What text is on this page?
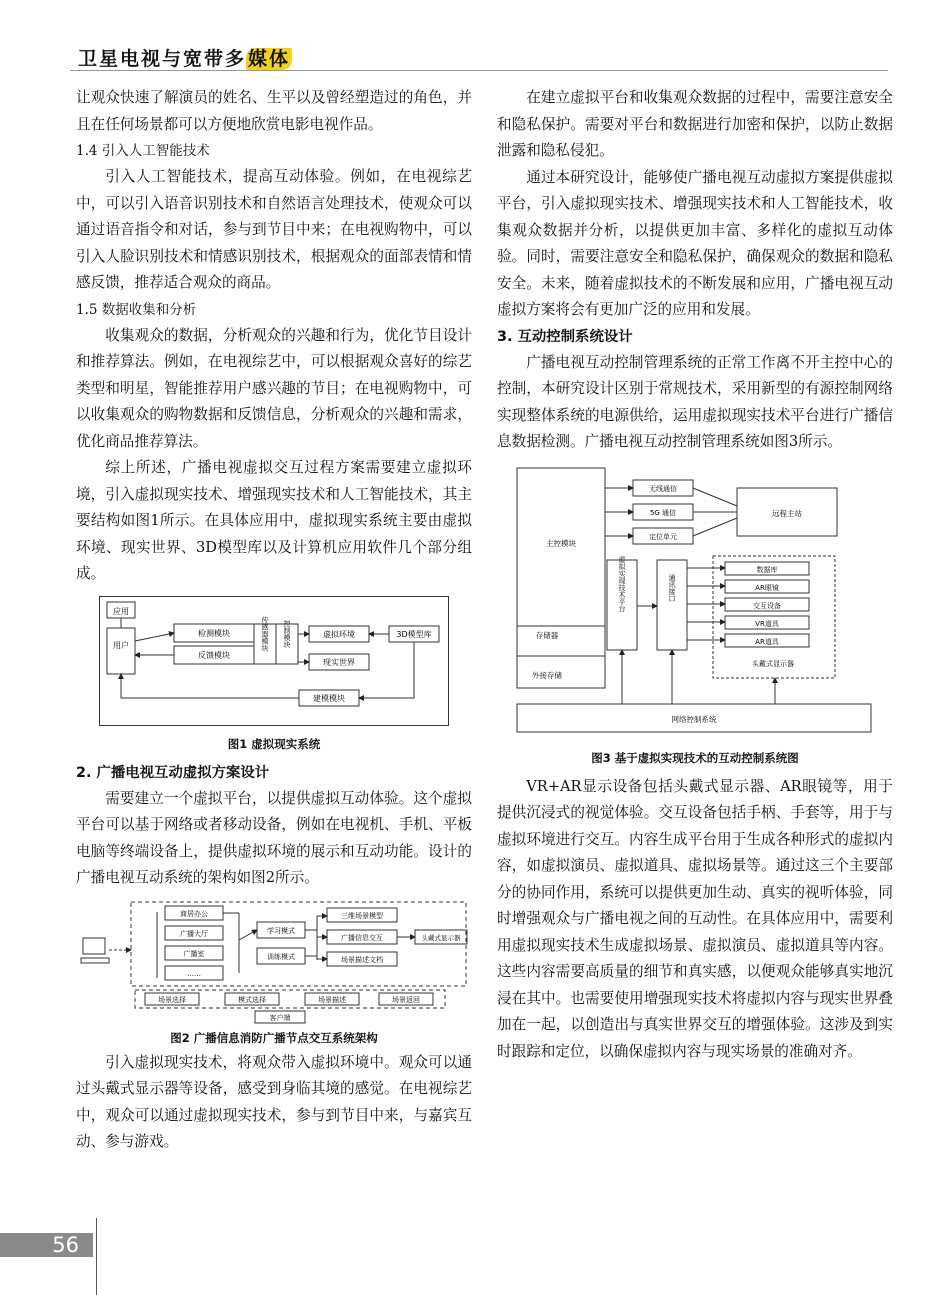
卫星电视与宽带多 媒体

让观众快速了解演员的姓名、生平以及曾经塑造过的角色，并且在任何场景都可以方便地欣赏电影电视作品。

1.4 引入人工智能技术

引入人工智能技术，提高互动体验。例如，在电视综艺中，可以引入语音识别技术和自然语言处理技术，使观众可以通过语音指令和对话，参与到节目中来；在电视购物中，可以引入人脸识别技术和情感识别技术，根据观众的面部表情和情感反馈，推荐适合观众的商品。

1.5 数据收集和分析

收集观众的数据，分析观众的兴趣和行为，优化节目设计和推荐算法。例如，在电视综艺中，可以根据观众喜好的综艺类型和明星，智能推荐用户感兴趣的节目；在电视购物中，可以收集观众的购物数据和反馈信息，分析观众的兴趣和需求，优化商品推荐算法。

综上所述，广播电视虚拟交互过程方案需要建立虚拟环境，引入虚拟现实技术、增强现实技术和人工智能技术，其主要结构如图1所示。在具体应用中，虚拟现实系统主要由虚拟环境、现实世界、3D模型库以及计算机应用软件几个部分组成。

应用
用户
检测模块
反馈模块
传感器模块 控制模块	虚拟环境	3D模型库
现实世界
建模模块

图1 虚拟现实系统

2. 广播电视互动虚拟方案设计

需要建立一个虚拟平台，以提供虚拟互动体验。这个虚拟平台可以基于网络或者移动设备，例如在电视机、手机、平板电脑等终端设备上，提供虚拟环境的展示和互动功能。设计的广播电视互动系统的架构如图2所示。

商居办公
广播大厅
广播室
……
学习模式
训练模式
三维场景模型
广播信息交互
场景描述文档
头戴式显示器
场景选择	模式选择	场景描述	场景返回
客户端

图2 广播信息消防广播节点交互系统架构

引入虚拟现实技术，将观众带入虚拟环境中。观众可以通过头戴式显示器等设备，感受到身临其境的感觉。在电视综艺中，观众可以通过虚拟现实技术，参与到节目中来，与嘉宾互动、参与游戏。

在建立虚拟平台和收集观众数据的过程中，需要注意安全和隐私保护。需要对平台和数据进行加密和保护，以防止数据泄露和隐私侵犯。

通过本研究设计，能够使广播电视互动虚拟方案提供虚拟平台，引入虚拟现实技术、增强现实技术和人工智能技术，收集观众数据并分析，以提供更加丰富、多样化的虚拟互动体验。同时，需要注意安全和隐私保护，确保观众的数据和隐私安全。未来，随着虚拟技术的不断发展和应用，广播电视互动虚拟方案将会有更加广泛的应用和发展。

3. 互动控制系统设计

广播电视互动控制管理系统的正常工作离不开主控中心的控制，本研究设计区别于常规技术，采用新型的有源控制网络实现整体系统的电源供给，运用虚拟现实技术平台进行广播信息数据检测。广播电视互动控制管理系统如图3所示。

主控模块
存储器
外接存储
无线通信
5G 通信
定位单元
远程主站
虚拟实现技术平台	通讯接口
数据库
AR眼镜
交互设备
VR道具
AR道具
头戴式显示器
网络控制系统

图3 基于虚拟实现技术的互动控制系统图

VR+AR显示设备包括头戴式显示器、AR眼镜等，用于提供沉浸式的视觉体验。交互设备包括手柄、手套等，用于与虚拟环境进行交互。内容生成平台用于生成各种形式的虚拟内容，如虚拟演员、虚拟道具、虚拟场景等。通过这三个主要部分的协同作用，系统可以提供更加生动、真实的视听体验，同时增强观众与广播电视之间的互动性。在具体应用中，需要利用虚拟现实技术生成虚拟场景、虚拟演员、虚拟道具等内容。这些内容需要高质量的细节和真实感，以便观众能够真实地沉浸在其中。也需要使用增强现实技术将虚拟内容与现实世界叠加在一起，以创造出与真实世界交互的增强体验。这涉及到实时跟踪和定位，以确保虚拟内容与现实场景的准确对齐。

56
